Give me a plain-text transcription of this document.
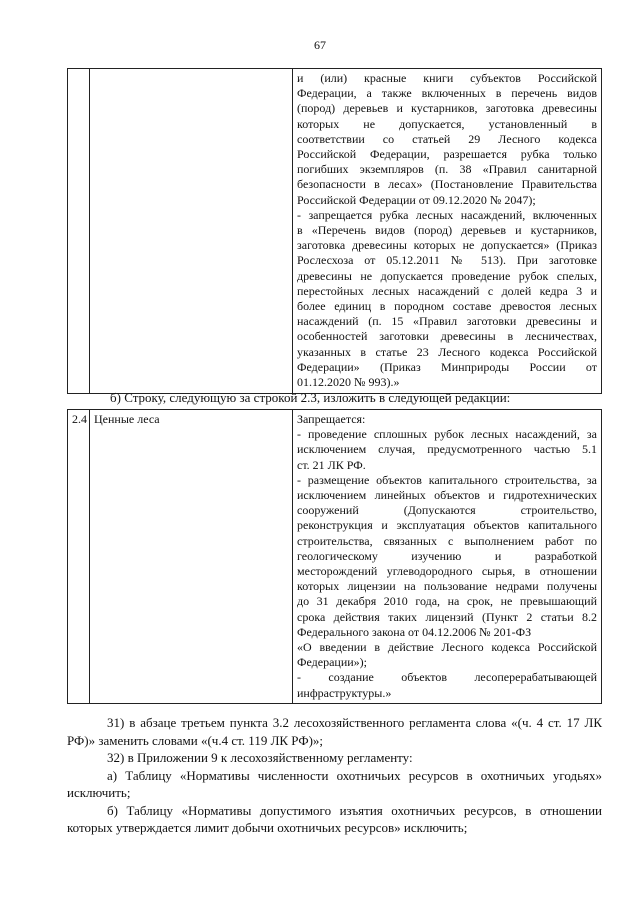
67

и (или) красные книги субъектов Российской
Федерации, а также включенных в перечень видов
(пород) деревьев и кустарников, заготовка древесины
которых не допускается, установленный в
соответствии со статьей 29 Лесного кодекса
Российской Федерации, разрешается рубка только
погибших экземпляров (п. 38 «Правил санитарной
безопасности в лесах» (Постановление Правительства
Российской Федерации от 09.12.2020 № 2047);
- запрещается рубка лесных насаждений, включенных
в «Перечень видов (пород) деревьев и кустарников,
заготовка древесины которых не допускается» (Приказ
Рослесхоза от 05.12.2011 № 513). При заготовке
древесины не допускается проведение рубок спелых,
перестойных лесных насаждений с долей кедра 3 и
более единиц в породном составе древостоя лесных
насаждений (п. 15 «Правил заготовки древесины и
особенностей заготовки древесины в лесничествах,
указанных в статье 23 Лесного кодекса Российской
Федерации» (Приказ Минприроды России от
01.12.2020 № 993).»
б) Строку, следующую за строкой 2.3, изложить в следующей редакции:
2.4	Ценные леса	Запрещается:
- проведение сплошных рубок лесных насаждений, за
исключением случая, предусмотренного частью 5.1
ст. 21 ЛК РФ.
- размещение объектов капитального строительства, за
исключением линейных объектов и гидротехнических
сооружений (Допускаются строительство,
реконструкция и эксплуатация объектов капитального
строительства, связанных с выполнением работ по
геологическому изучению и разработкой
месторождений углеводородного сырья, в отношении
которых лицензии на пользование недрами получены
до 31 декабря 2010 года, на срок, не превышающий
срока действия таких лицензий (Пункт 2 статьи 8.2
Федерального закона от 04.12.2006 № 201-ФЗ
«О введении в действие Лесного кодекса Российской
Федерации»);
- создание объектов лесоперерабатывающей
инфраструктуры.»

31) в абзаце третьем пункта 3.2 лесохозяйственного регламента слова «(ч. 4 ст. 17 ЛК РФ)» заменить словами «(ч.4 ст. 119 ЛК РФ)»;

32) в Приложении 9 к лесохозяйственному регламенту:

а) Таблицу «Нормативы численности охотничьих ресурсов в охотничьих угодьях» исключить;

б) Таблицу «Нормативы допустимого изъятия охотничьих ресурсов, в отношении которых утверждается лимит добычи охотничьих ресурсов» исключить;
